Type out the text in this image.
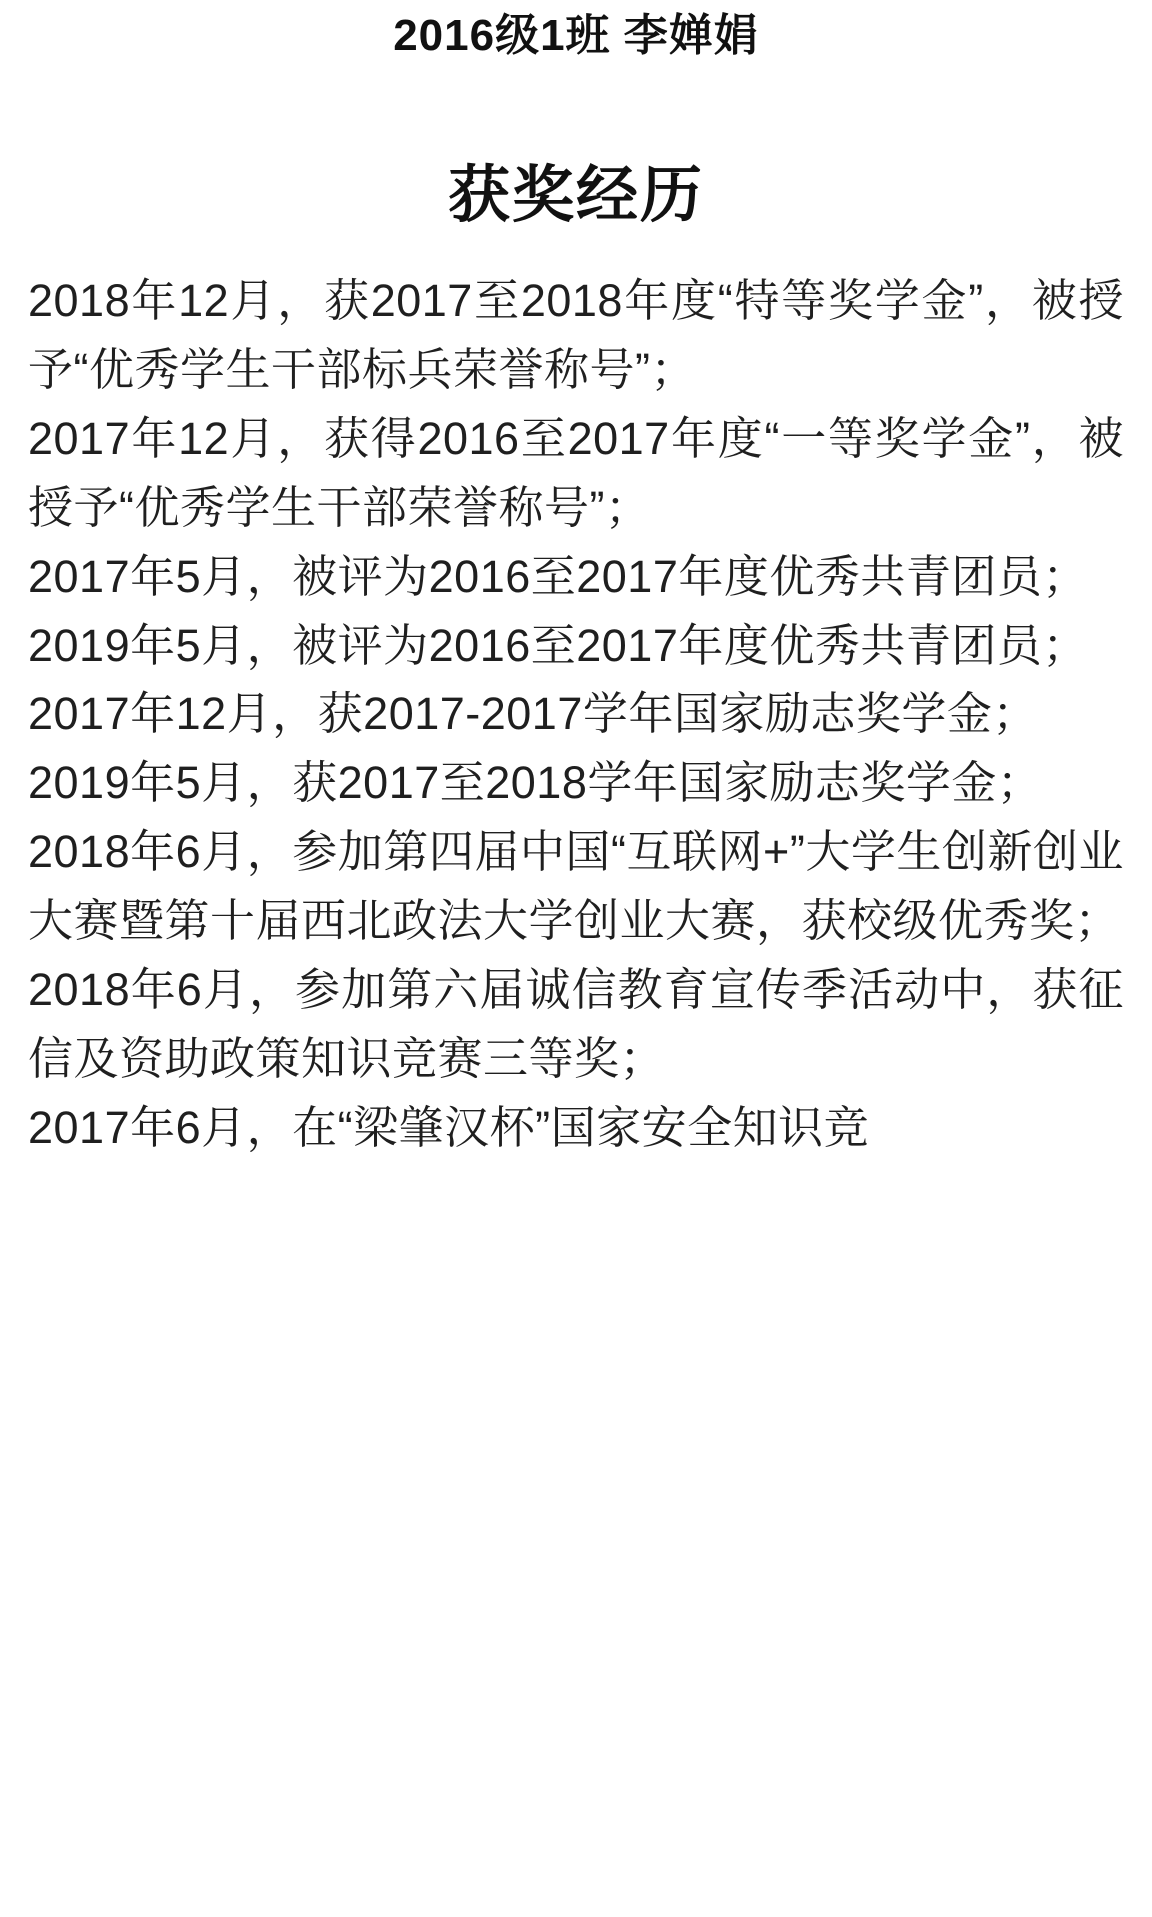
2016级1班 李婵娟
获奖经历

2018年12月，获2017至2018年度“特等奖学金”，被授予“优秀学生干部标兵荣誉称号”；

2017年12月，获得2016至2017年度“一等奖学金”，被授予“优秀学生干部荣誉称号”；

2017年5月，被评为2016至2017年度优秀共青团员；

2019年5月，被评为2016至2017年度优秀共青团员；

2017年12月，获2017-2017学年国家励志奖学金；

2019年5月，获2017至2018学年国家励志奖学金；

2018年6月，参加第四届中国“互联网+”大学生创新创业大赛暨第十届西北政法大学创业大赛，获校级优秀奖；

2018年6月，参加第六届诚信教育宣传季活动中，获征信及资助政策知识竞赛三等奖；

2017年6月，在“梁肇汉杯”国家安全知识竞
